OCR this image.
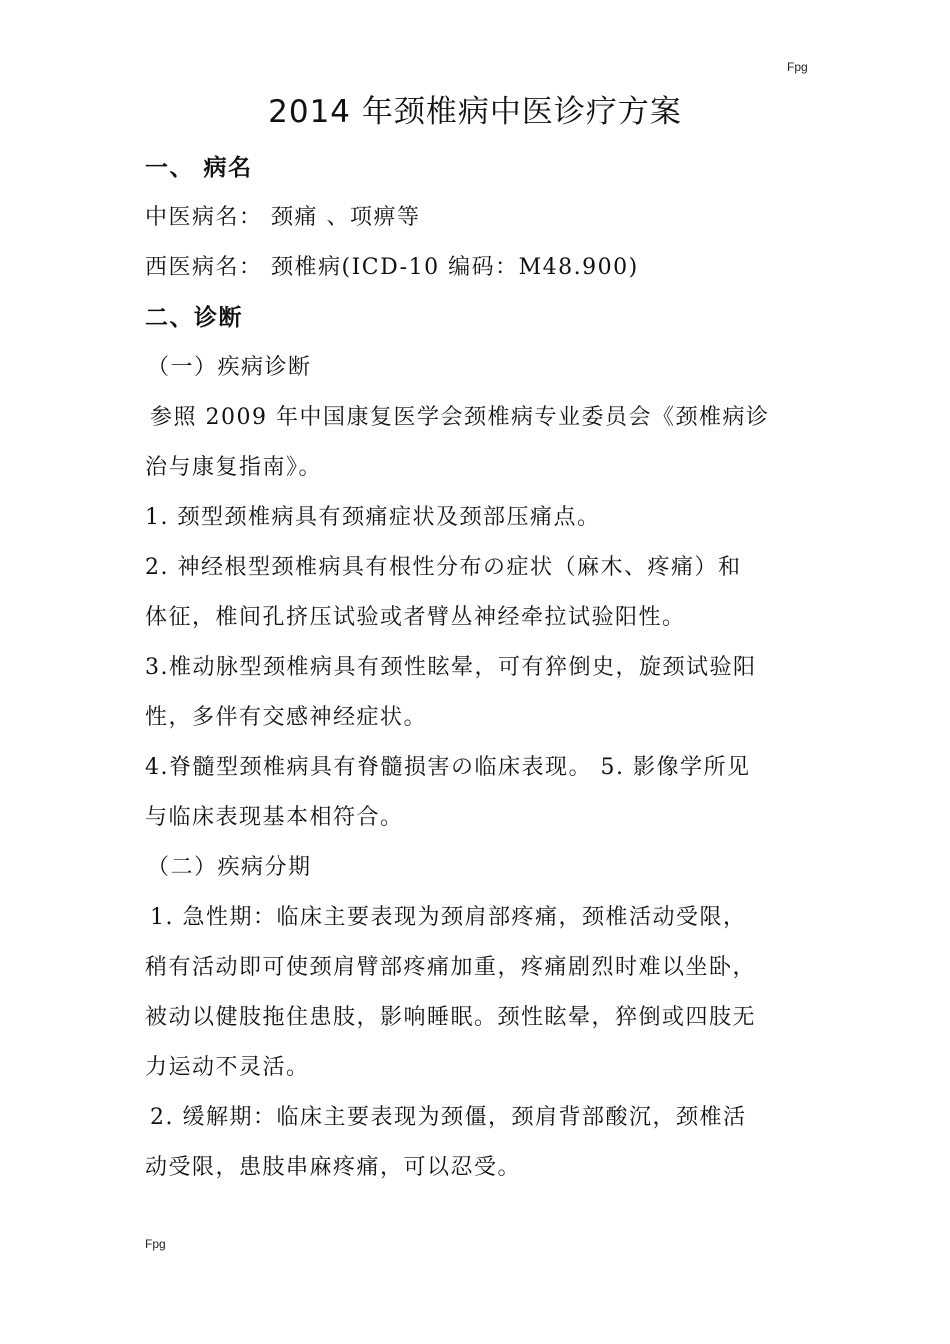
Fpg
2014 年颈椎病中医诊疗方案
一、 病名
中医病名： 颈痛 、项痹等
西医病名： 颈椎病(ICD-10 编码：M48.900)
二、诊断
（一）疾病诊断
参照 2009 年中国康复医学会颈椎病专业委员会《颈椎病诊
治与康复指南》。
1. 颈型颈椎病具有颈痛症状及颈部压痛点。
2. 神经根型颈椎病具有根性分布の症状（麻木、疼痛）和
体征，椎间孔挤压试验或者臂丛神经牵拉试验阳性。
3.椎动脉型颈椎病具有颈性眩晕，可有猝倒史，旋颈试验阳
性，多伴有交感神经症状。
4.脊髓型颈椎病具有脊髓损害の临床表现。 5. 影像学所见
与临床表现基本相符合。
（二）疾病分期
1. 急性期：临床主要表现为颈肩部疼痛，颈椎活动受限，
稍有活动即可使颈肩臂部疼痛加重，疼痛剧烈时难以坐卧，
被动以健肢拖住患肢，影响睡眠。颈性眩晕，猝倒或四肢无
力运动不灵活。
2. 缓解期：临床主要表现为颈僵，颈肩背部酸沉，颈椎活
动受限，患肢串麻疼痛，可以忍受。
Fpg
